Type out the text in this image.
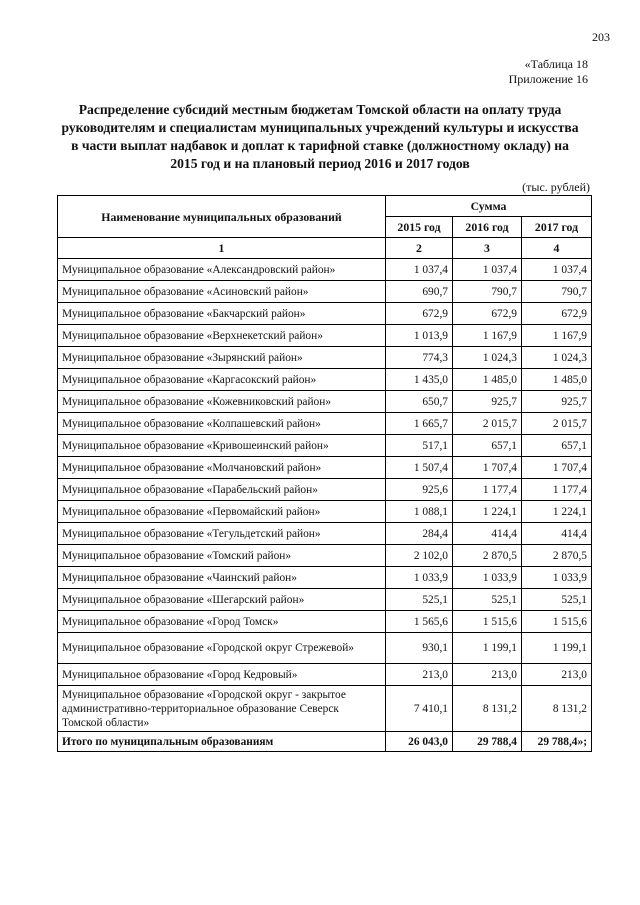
203
«Таблица 18
Приложение 16
Распределение субсидий местным бюджетам Томской области на оплату труда руководителям и специалистам муниципальных учреждений культуры и искусства в части выплат надбавок и доплат к тарифной ставке (должностному окладу) на 2015 год и на плановый период 2016 и 2017 годов
(тыс. рублей)
Наименование муниципальных образований	Сумма		
	2015 год	2016 год	2017 год
1	2	3	4
Муниципальное образование «Александровский район»	1 037,4	1 037,4	1 037,4
Муниципальное образование «Асиновский район»	690,7	790,7	790,7
Муниципальное образование «Бакчарский район»	672,9	672,9	672,9
Муниципальное образование «Верхнекетский район»	1 013,9	1 167,9	1 167,9
Муниципальное образование «Зырянский район»	774,3	1 024,3	1 024,3
Муниципальное образование «Каргасокский район»	1 435,0	1 485,0	1 485,0
Муниципальное образование «Кожевниковский район»	650,7	925,7	925,7
Муниципальное образование «Колпашевский район»	1 665,7	2 015,7	2 015,7
Муниципальное образование «Кривошеинский район»	517,1	657,1	657,1
Муниципальное образование «Молчановский район»	1 507,4	1 707,4	1 707,4
Муниципальное образование «Парабельский район»	925,6	1 177,4	1 177,4
Муниципальное образование «Первомайский район»	1 088,1	1 224,1	1 224,1
Муниципальное образование «Тегульдетский район»	284,4	414,4	414,4
Муниципальное образование «Томский район»	2 102,0	2 870,5	2 870,5
Муниципальное образование «Чаинский район»	1 033,9	1 033,9	1 033,9
Муниципальное образование «Шегарский район»	525,1	525,1	525,1
Муниципальное образование «Город Томск»	1 565,6	1 515,6	1 515,6
Муниципальное образование «Городской округ Стрежевой»	930,1	1 199,1	1 199,1
Муниципальное образование «Город Кедровый»	213,0	213,0	213,0
Муниципальное образование «Городской округ - закрытое административно-территориальное образование Северск Томской области»	7 410,1	8 131,2	8 131,2
Итого по муниципальным образованиям	26 043,0	29 788,4	29 788,4»;
